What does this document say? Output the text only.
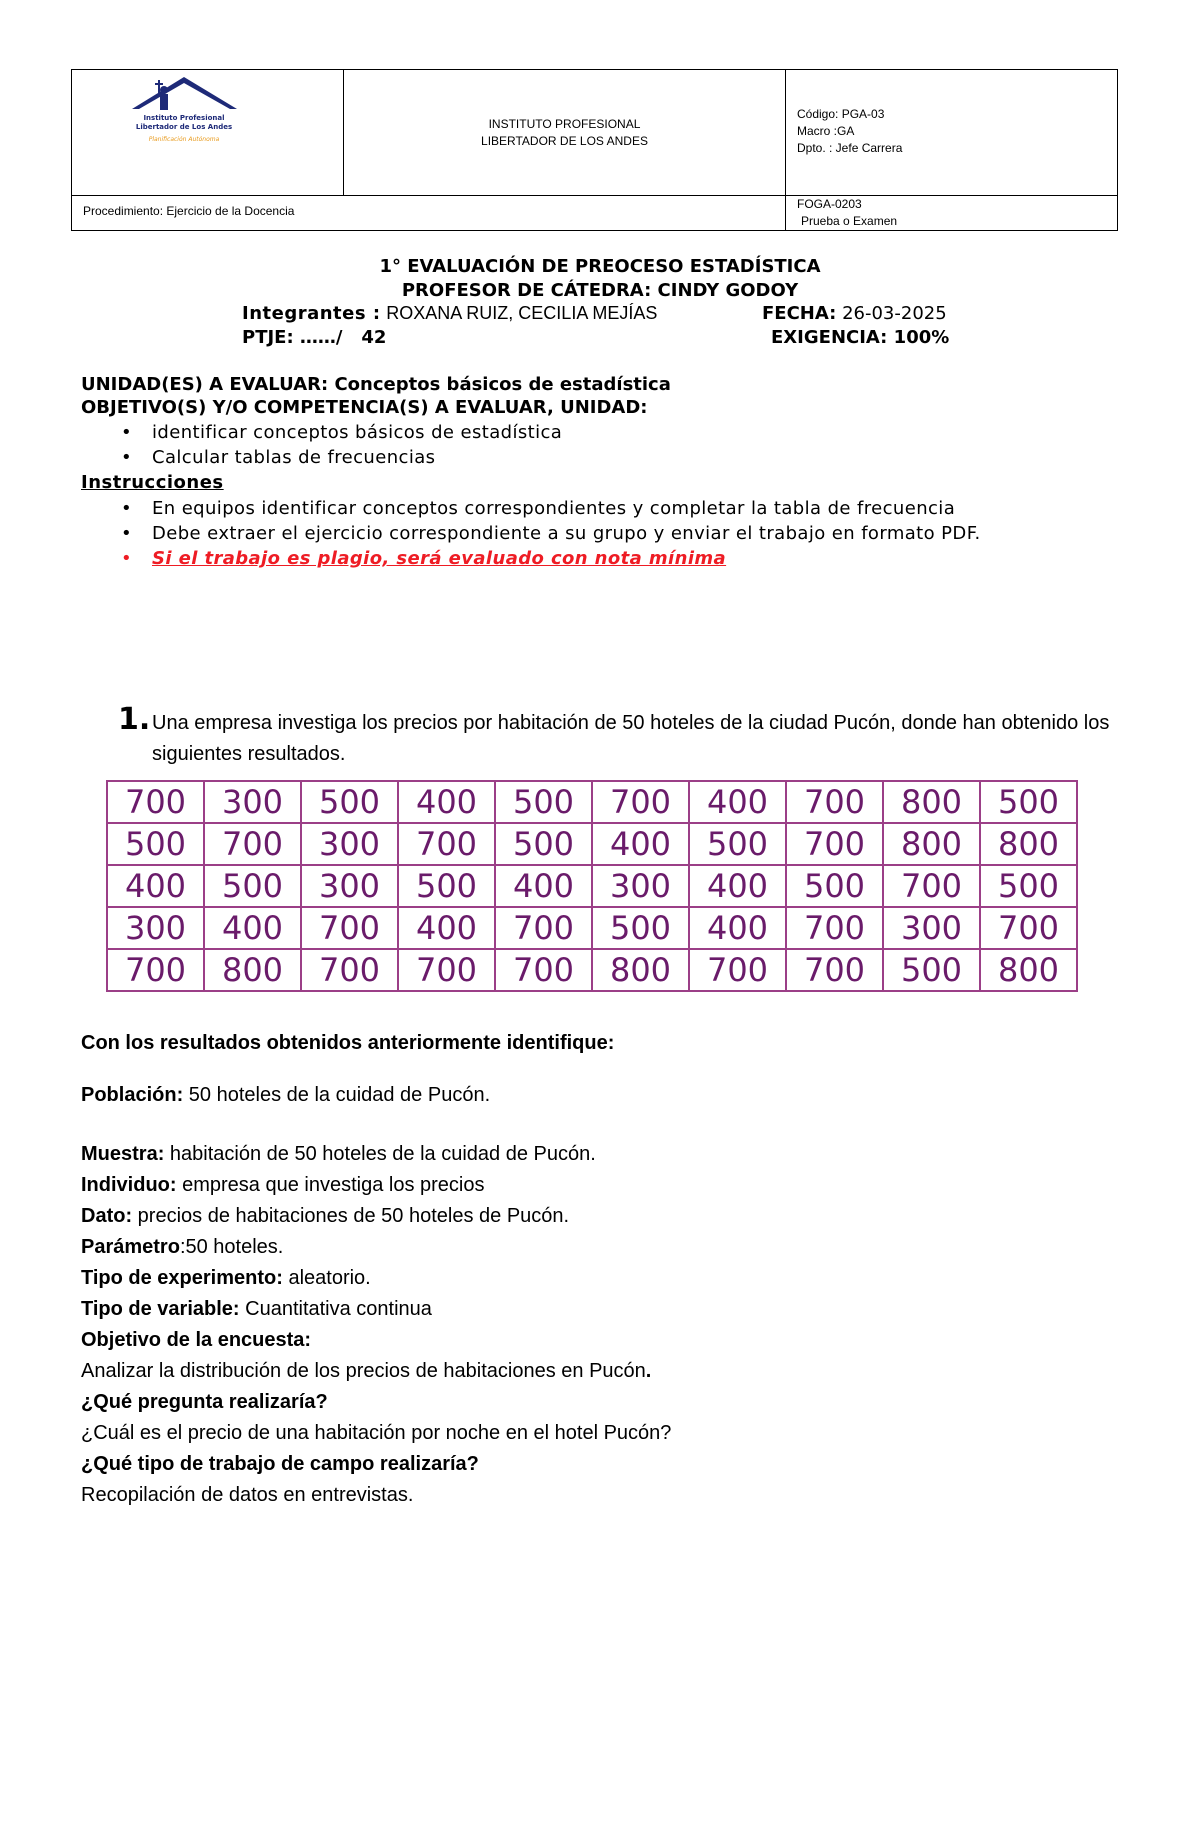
Instituto Profesional
Libertador de Los Andes
Planificación Autónoma
INSTITUTO PROFESIONAL
LIBERTADOR DE LOS ANDES
Código: PGA-03
Macro :GA
Dpto. : Jefe Carrera
Procedimiento: Ejercicio de la Docencia	FOGA-0203
Prueba o Examen
1° EVALUACIÓN DE PREOCESO ESTADÍSTICA
PROFESOR DE CÁTEDRA: CINDY GODOY
Integrantes : ROXANA RUIZ, CECILIA MEJÍAS	FECHA: 26-03-2025
PTJE: ……/ 42	EXIGENCIA: 100%
UNIDAD(ES) A EVALUAR: Conceptos básicos de estadística
OBJETIVO(S) Y/O COMPETENCIA(S) A EVALUAR, UNIDAD:
• identificar conceptos básicos de estadística
• Calcular tablas de frecuencias
Instrucciones
• En equipos identificar conceptos correspondientes y completar la tabla de frecuencia
• Debe extraer el ejercicio correspondiente a su grupo y enviar el trabajo en formato PDF.
• Si el trabajo es plagio, será evaluado con nota mínima
1. Una empresa investiga los precios por habitación de 50 hoteles de la ciudad Pucón, donde han obtenido los siguientes resultados.
700	300	500	400	500	700	400	700	800	500
500	700	300	700	500	400	500	700	800	800
400	500	300	500	400	300	400	500	700	500
300	400	700	400	700	500	400	700	300	700
700	800	700	700	700	800	700	700	500	800
Con los resultados obtenidos anteriormente identifique:
Población: 50 hoteles de la cuidad de Pucón.
Muestra: habitación de 50 hoteles de la cuidad de Pucón.
Individuo: empresa que investiga los precios
Dato: precios de habitaciones de 50 hoteles de Pucón.
Parámetro:50 hoteles.
Tipo de experimento: aleatorio.
Tipo de variable: Cuantitativa continua
Objetivo de la encuesta:
Analizar la distribución de los precios de habitaciones en Pucón.
¿Qué pregunta realizaría?
¿Cuál es el precio de una habitación por noche en el hotel Pucón?
¿Qué tipo de trabajo de campo realizaría?
Recopilación de datos en entrevistas.
